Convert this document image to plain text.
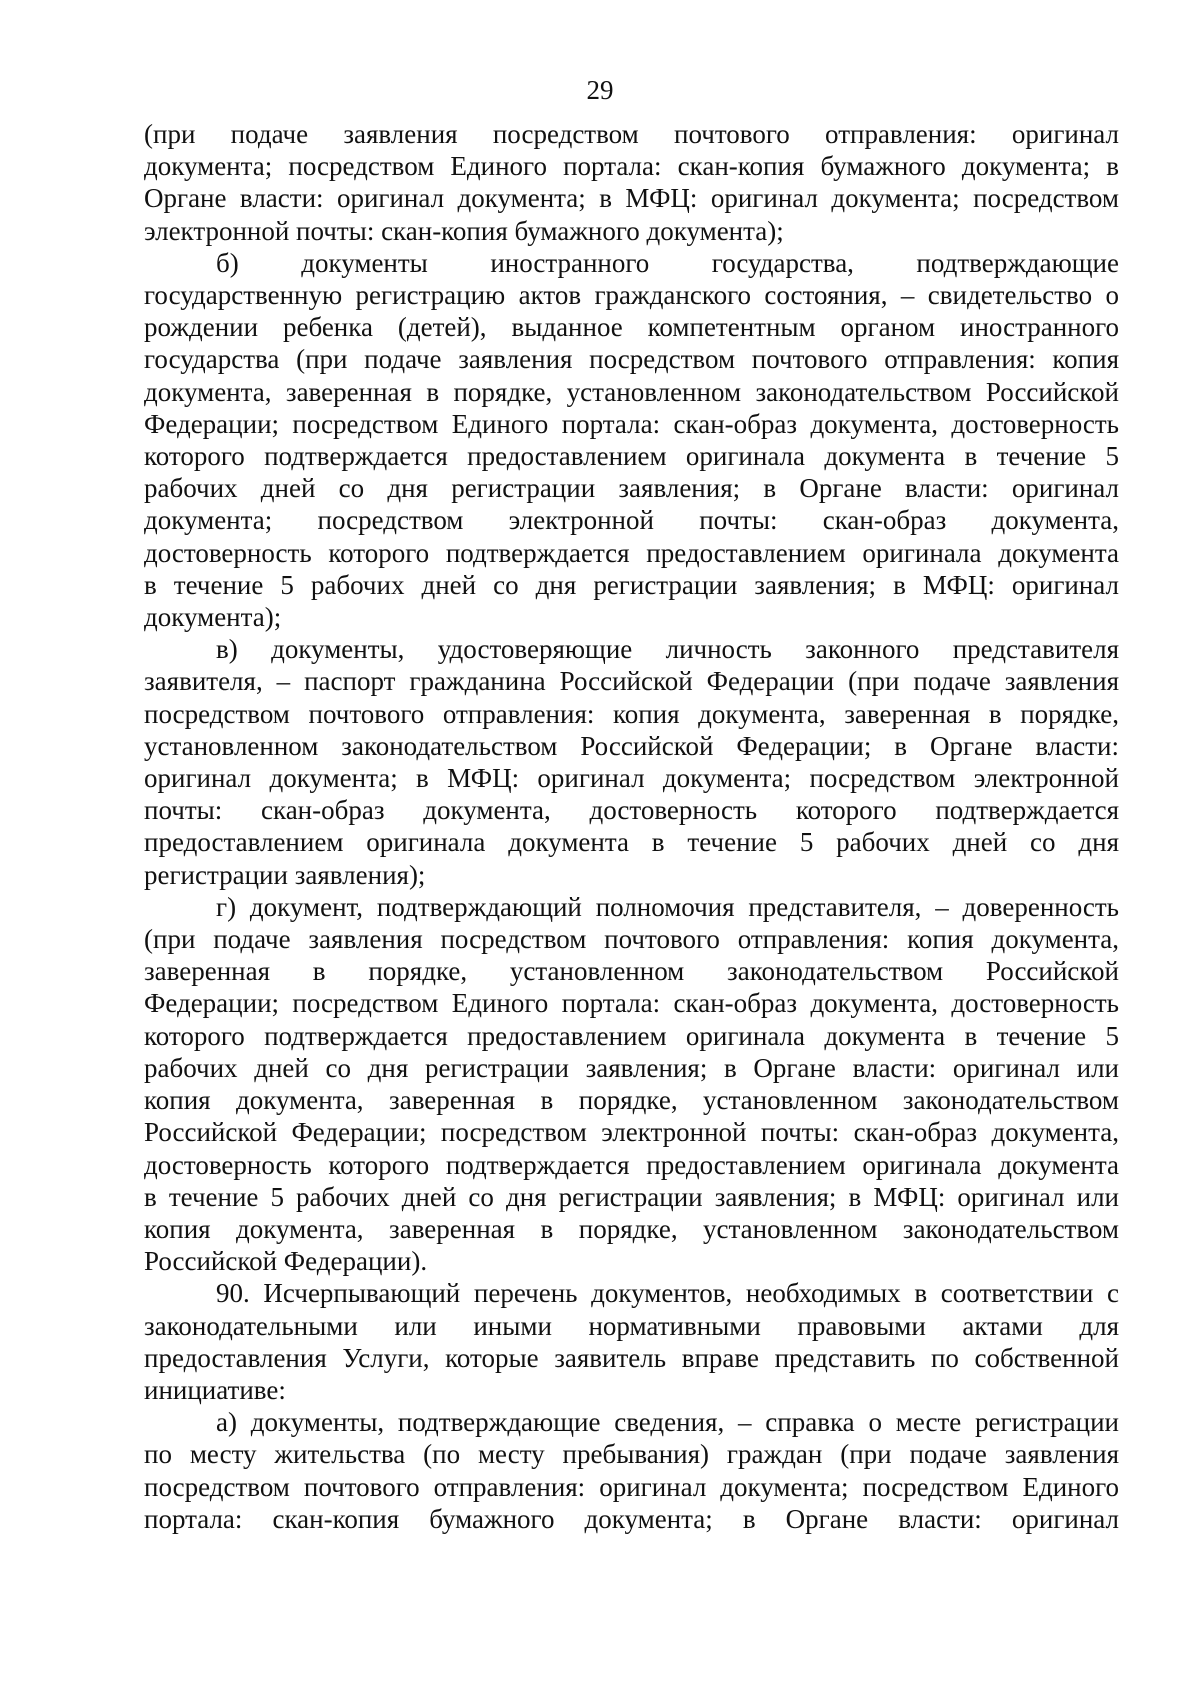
29
(при подаче заявления посредством почтового отправления: оригинал
документа; посредством Единого портала: скан-копия бумажного документа; в
Органе власти: оригинал документа; в МФЦ: оригинал документа; посредством
электронной почты: скан-копия бумажного документа);
б) документы иностранного государства, подтверждающие
государственную регистрацию актов гражданского состояния, – свидетельство о
рождении ребенка (детей), выданное компетентным органом иностранного
государства (при подаче заявления посредством почтового отправления: копия
документа, заверенная в порядке, установленном законодательством Российской
Федерации; посредством Единого портала: скан-образ документа, достоверность
которого подтверждается предоставлением оригинала документа в течение 5
рабочих дней со дня регистрации заявления; в Органе власти: оригинал
документа; посредством электронной почты: скан-образ документа,
достоверность которого подтверждается предоставлением оригинала документа
в течение 5 рабочих дней со дня регистрации заявления; в МФЦ: оригинал
документа);
в) документы, удостоверяющие личность законного представителя
заявителя, – паспорт гражданина Российской Федерации (при подаче заявления
посредством почтового отправления: копия документа, заверенная в порядке,
установленном законодательством Российской Федерации; в Органе власти:
оригинал документа; в МФЦ: оригинал документа; посредством электронной
почты: скан-образ документа, достоверность которого подтверждается
предоставлением оригинала документа в течение 5 рабочих дней со дня
регистрации заявления);
г) документ, подтверждающий полномочия представителя, – доверенность
(при подаче заявления посредством почтового отправления: копия документа,
заверенная в порядке, установленном законодательством Российской
Федерации; посредством Единого портала: скан-образ документа, достоверность
которого подтверждается предоставлением оригинала документа в течение 5
рабочих дней со дня регистрации заявления; в Органе власти: оригинал или
копия документа, заверенная в порядке, установленном законодательством
Российской Федерации; посредством электронной почты: скан-образ документа,
достоверность которого подтверждается предоставлением оригинала документа
в течение 5 рабочих дней со дня регистрации заявления; в МФЦ: оригинал или
копия документа, заверенная в порядке, установленном законодательством
Российской Федерации).
90. Исчерпывающий перечень документов, необходимых в соответствии с
законодательными или иными нормативными правовыми актами для
предоставления Услуги, которые заявитель вправе представить по собственной
инициативе:
а) документы, подтверждающие сведения, – справка о месте регистрации
по месту жительства (по месту пребывания) граждан (при подаче заявления
посредством почтового отправления: оригинал документа; посредством Единого
портала: скан-копия бумажного документа; в Органе власти: оригинал
